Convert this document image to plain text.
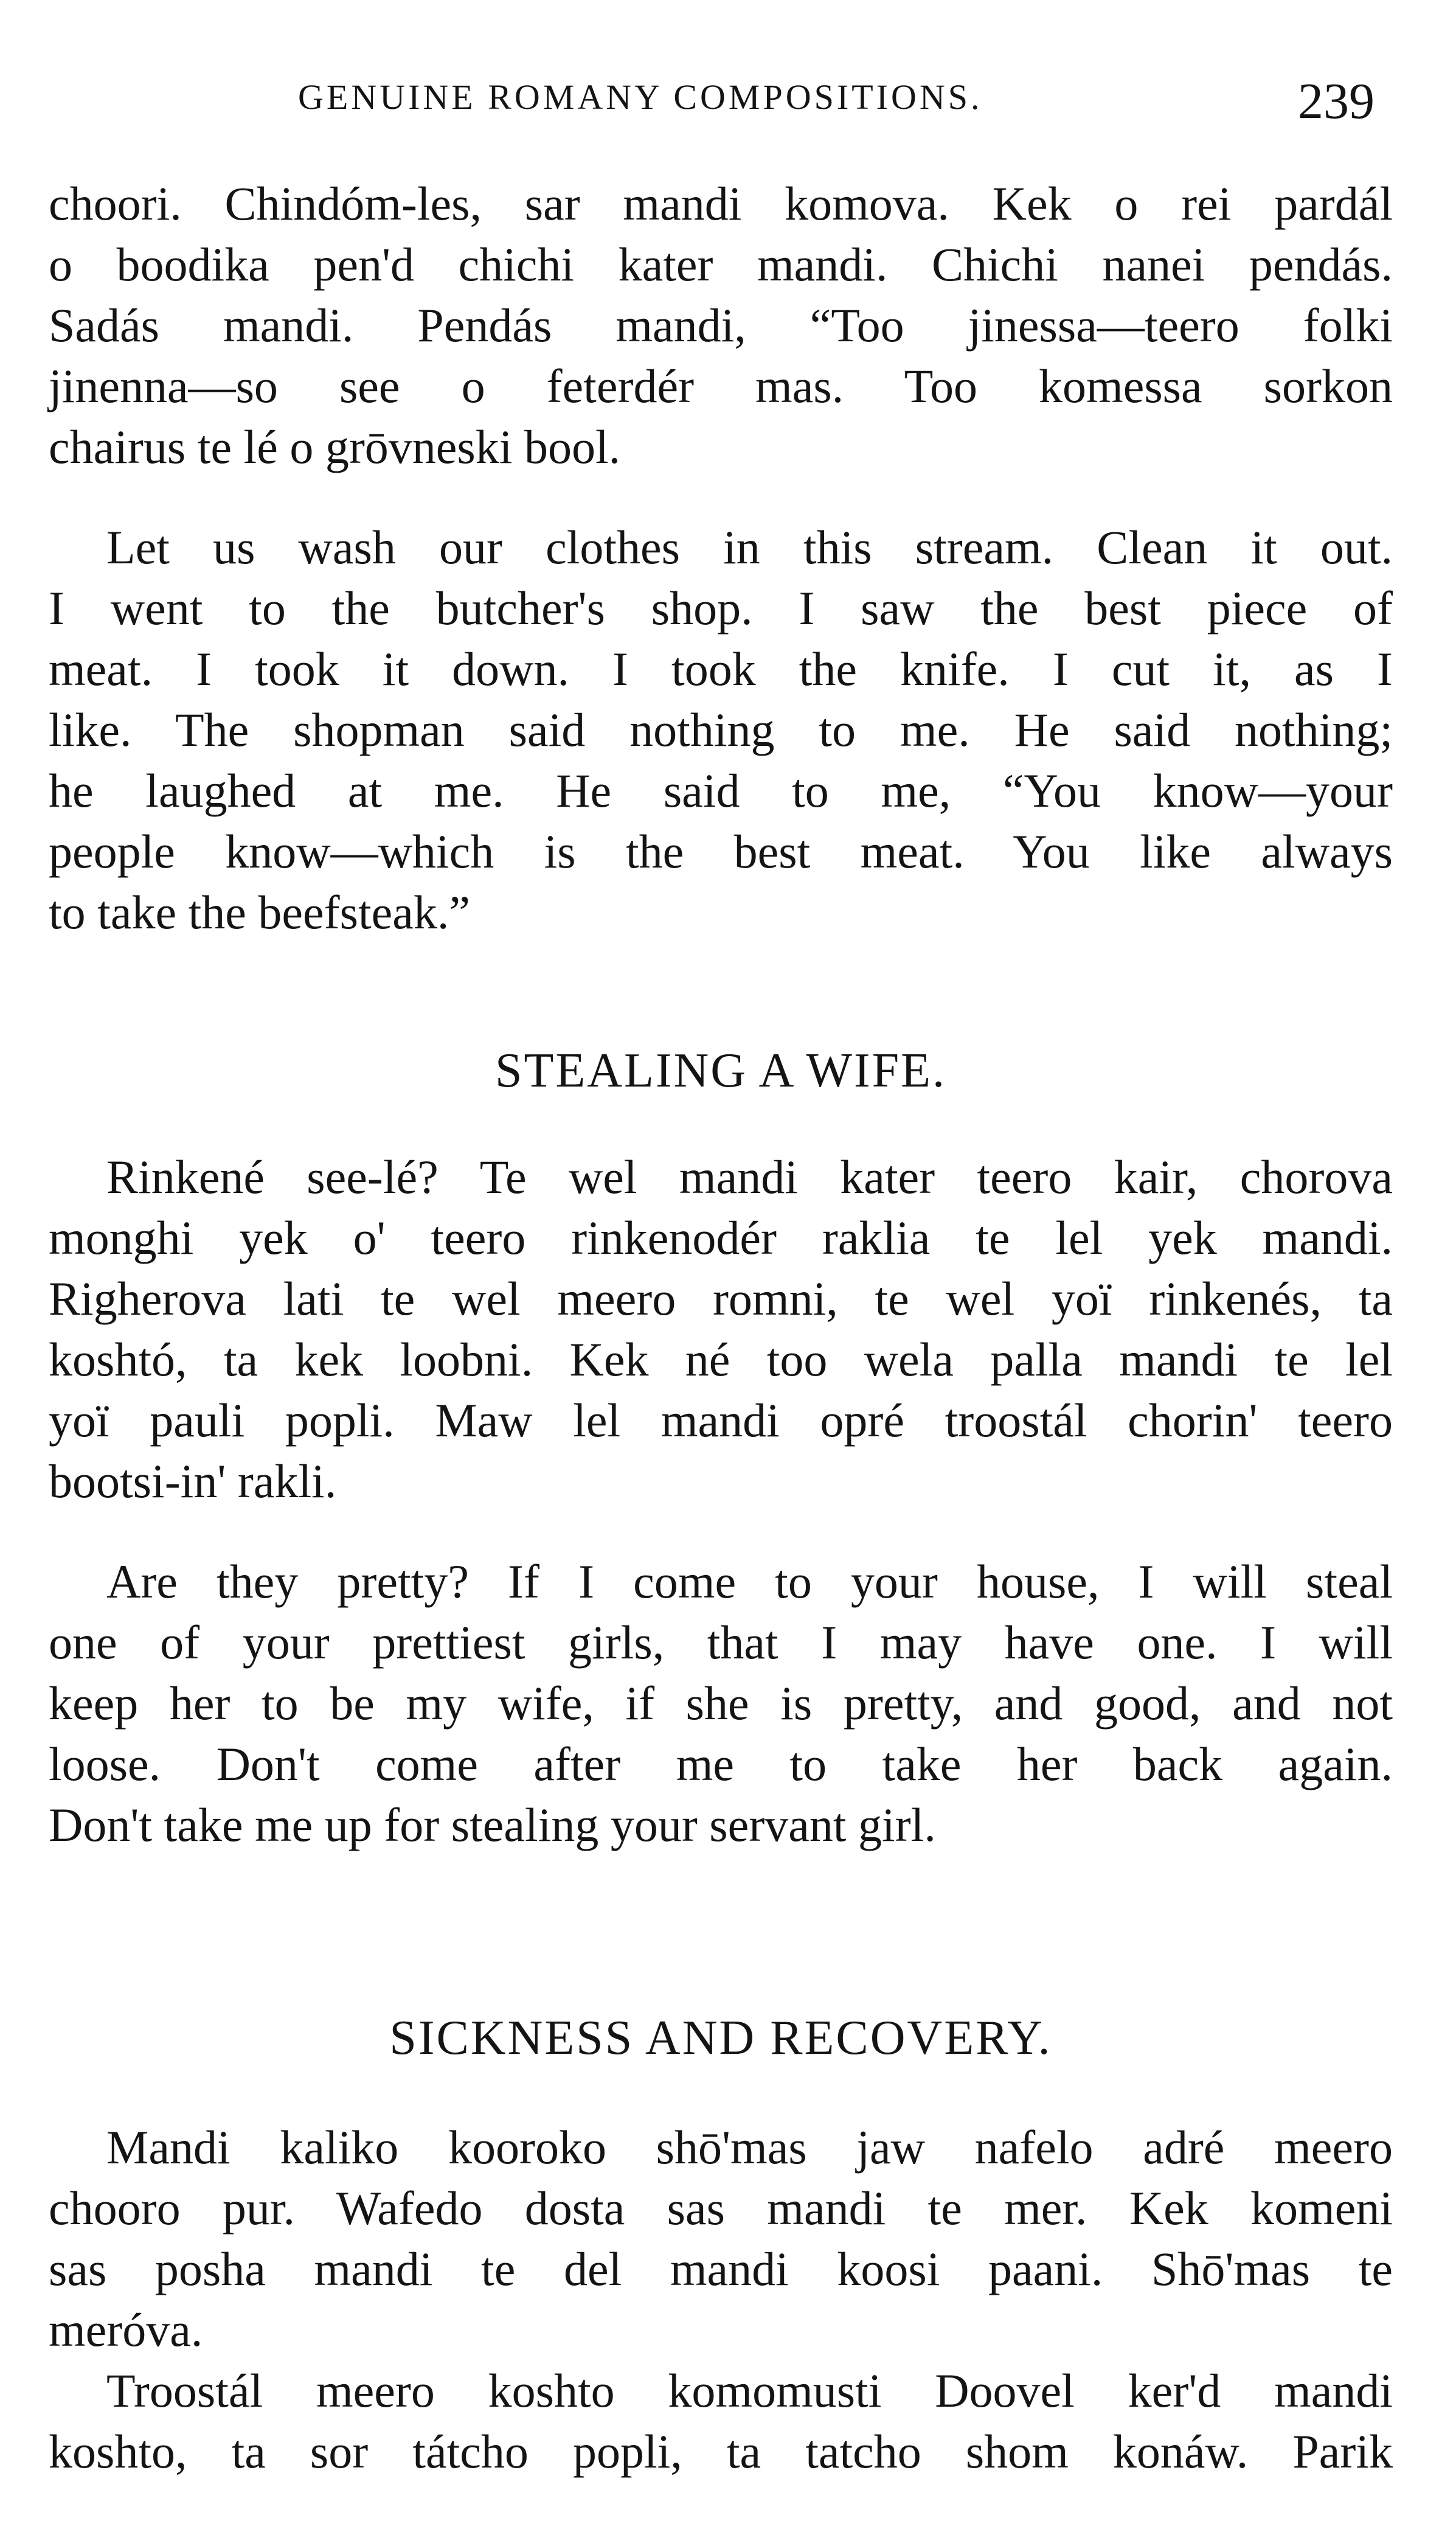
GENUINE ROMANY COMPOSITIONS.	239
choori. Chindóm-les, sar mandi komova. Kek o rei pardál
o boodika pen'd chichi kater mandi. Chichi nanei pendás.
Sadás mandi. Pendás mandi, “Too jinessa—teero folki
jinenna—so see o feterdér mas. Too komessa sorkon
chairus te lé o grōvneski bool.
Let us wash our clothes in this stream. Clean it out.
I went to the butcher's shop. I saw the best piece of
meat. I took it down. I took the knife. I cut it, as I
like. The shopman said nothing to me. He said nothing;
he laughed at me. He said to me, “You know—your
people know—which is the best meat. You like always
to take the beefsteak.”
STEALING A WIFE.
Rinkené see-lé? Te wel mandi kater teero kair, chorova
monghi yek o' teero rinkenodér raklia te lel yek mandi.
Righerova lati te wel meero romni, te wel yoï rinkenés, ta
koshtó, ta kek loobni. Kek né too wela palla mandi te lel
yoï pauli popli. Maw lel mandi opré troostál chorin' teero
bootsi-in' rakli.
Are they pretty? If I come to your house, I will steal
one of your prettiest girls, that I may have one. I will
keep her to be my wife, if she is pretty, and good, and not
loose. Don't come after me to take her back again.
Don't take me up for stealing your servant girl.
SICKNESS AND RECOVERY.
Mandi kaliko kooroko shō'mas jaw nafelo adré meero
chooro pur. Wafedo dosta sas mandi te mer. Kek komeni
sas posha mandi te del mandi koosi paani. Shō'mas te
meróva.
Troostál meero koshto komomusti Doovel ker'd mandi
koshto, ta sor tátcho popli, ta tatcho shom konáw. Parik
